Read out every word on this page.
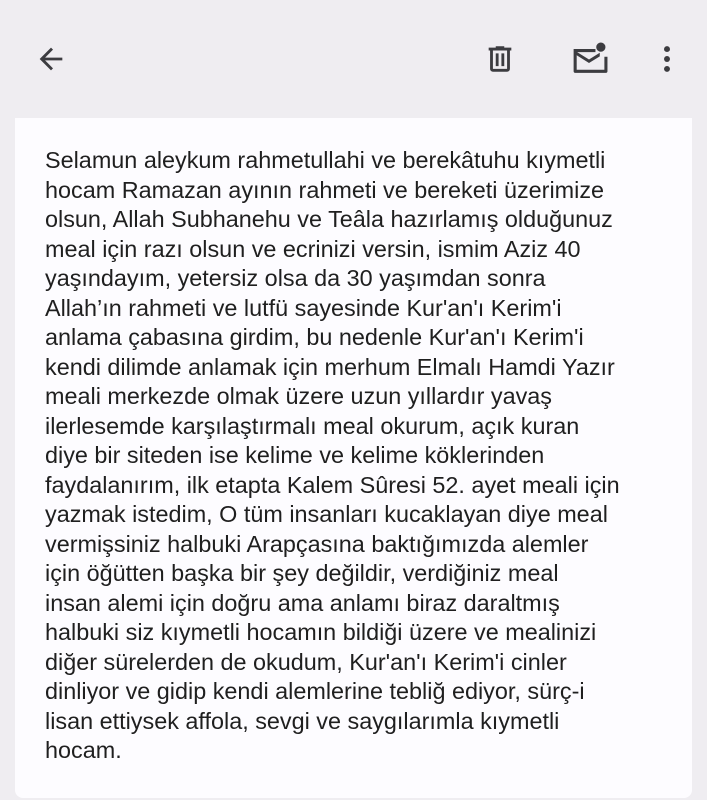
Selamun aleykum rahmetullahi ve berekâtuhu kıymetli
hocam Ramazan ayının rahmeti ve bereketi üzerimize
olsun, Allah Subhanehu ve Teâla hazırlamış olduğunuz
meal için razı olsun ve ecrinizi versin, ismim Aziz 40
yaşındayım, yetersiz olsa da 30 yaşımdan sonra
Allah’ın rahmeti ve lutfü sayesinde Kur'an'ı Kerim'i
anlama çabasına girdim, bu nedenle Kur'an'ı Kerim'i
kendi dilimde anlamak için merhum Elmalı Hamdi Yazır
meali merkezde olmak üzere uzun yıllardır yavaş
ilerlesemde karşılaştırmalı meal okurum, açık kuran
diye bir siteden ise kelime ve kelime köklerinden
faydalanırım, ilk etapta Kalem Sûresi 52. ayet meali için
yazmak istedim, O tüm insanları kucaklayan diye meal
vermişsiniz halbuki Arapçasına baktığımızda alemler
için öğütten başka bir şey değildir, verdiğiniz meal
insan alemi için doğru ama anlamı biraz daraltmış
halbuki siz kıymetli hocamın bildiği üzere ve mealinizi
diğer sürelerden de okudum, Kur'an'ı Kerim'i cinler
dinliyor ve gidip kendi alemlerine tebliğ ediyor, sürç-i
lisan ettiysek affola, sevgi ve saygılarımla kıymetli
hocam.
